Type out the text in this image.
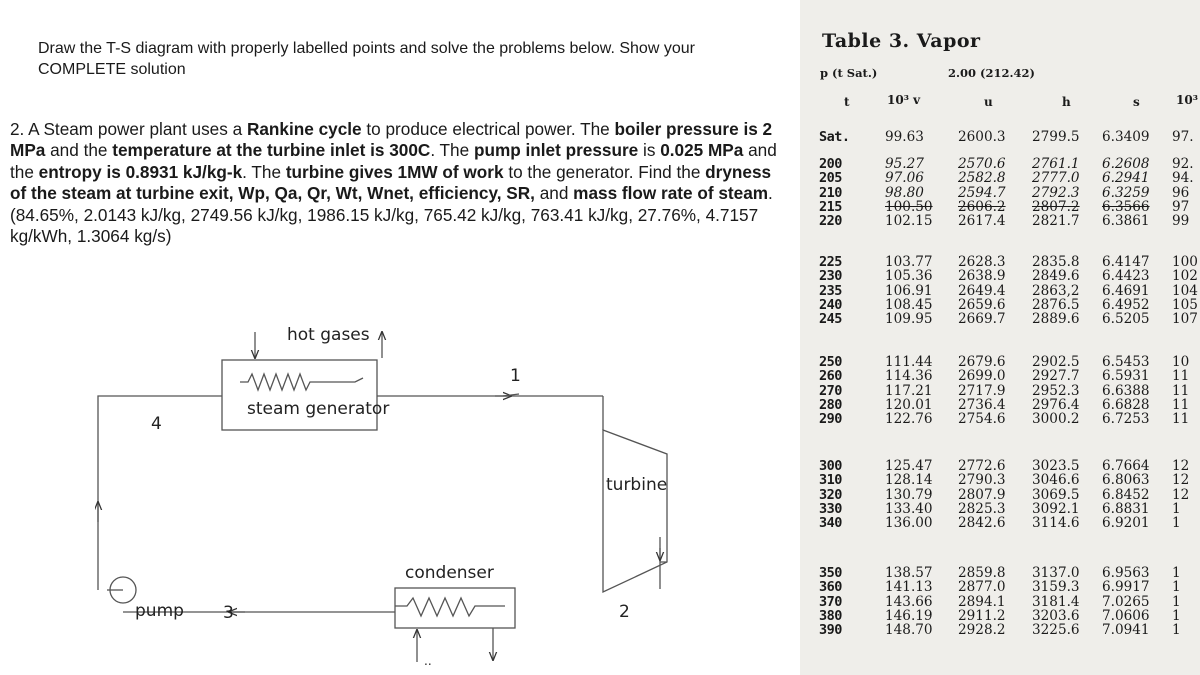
Draw the T-S diagram with properly labelled points and solve the problems below. Show your COMPLETE solution
2. A Steam power plant uses a Rankine cycle to produce electrical power. The boiler pressure is 2 MPa and the temperature at the turbine inlet is 300C. The pump inlet pressure is 0.025 MPa and the entropy is 0.8931 kJ/kg-k. The turbine gives 1MW of work to the generator. Find the dryness of the steam at turbine exit, Wp, Qa, Qr, Wt, Wnet, efficiency, SR, and mass flow rate of steam. (84.65%, 2.0143 kJ/kg, 2749.56 kJ/kg, 1986.15 kJ/kg, 765.42 kJ/kg, 763.41 kJ/kg, 27.76%, 4.7157 kg/kWh, 1.3064 kg/s)
hot gases
steam generator
turbine
condenser
pump
1
2
3
4
..
Table 3. Vapor
p (t Sat.)	2.00 (212.42)
t	10³ v	u	h	s	10³
Sat.	99.63	2600.3 2799.5 6.3409 97.
200	95.27	2570.6 2761.1 6.2608 92.
205	97.06	2582.8 2777.0 6.2941 94.
210	98.80	2594.7 2792.3 6.3259 96
215	100.50 2606.2 2807.2 6.3566 97
220	102.15 2617.4 2821.7 6.3861 99
225	103.77 2628.3 2835.8 6.4147 100
230	105.36 2638.9 2849.6 6.4423 102
235	106.91 2649.4 2863,2 6.4691 104
240	108.45 2659.6 2876.5 6.4952 105
245	109.95 2669.7 2889.6 6.5205 107
250	111.44 2679.6 2902.5 6.5453 10
260	114.36 2699.0 2927.7 6.5931 11
270	117.21 2717.9 2952.3 6.6388 11
280	120.01 2736.4 2976.4 6.6828 11
290	122.76 2754.6 3000.2 6.7253 11
300	125.47 2772.6 3023.5 6.7664 12
310	128.14 2790.3 3046.6 6.8063 12
320	130.79 2807.9 3069.5 6.8452 12
330	133.40 2825.3 3092.1 6.8831 1
340	136.00 2842.6 3114.6 6.9201 1
350	138.57 2859.8 3137.0 6.9563 1
360	141.13 2877.0 3159.3 6.9917 1
370	143.66 2894.1 3181.4 7.0265 1
380	146.19 2911.2 3203.6 7.0606 1
390	148.70 2928.2 3225.6 7.0941 1
